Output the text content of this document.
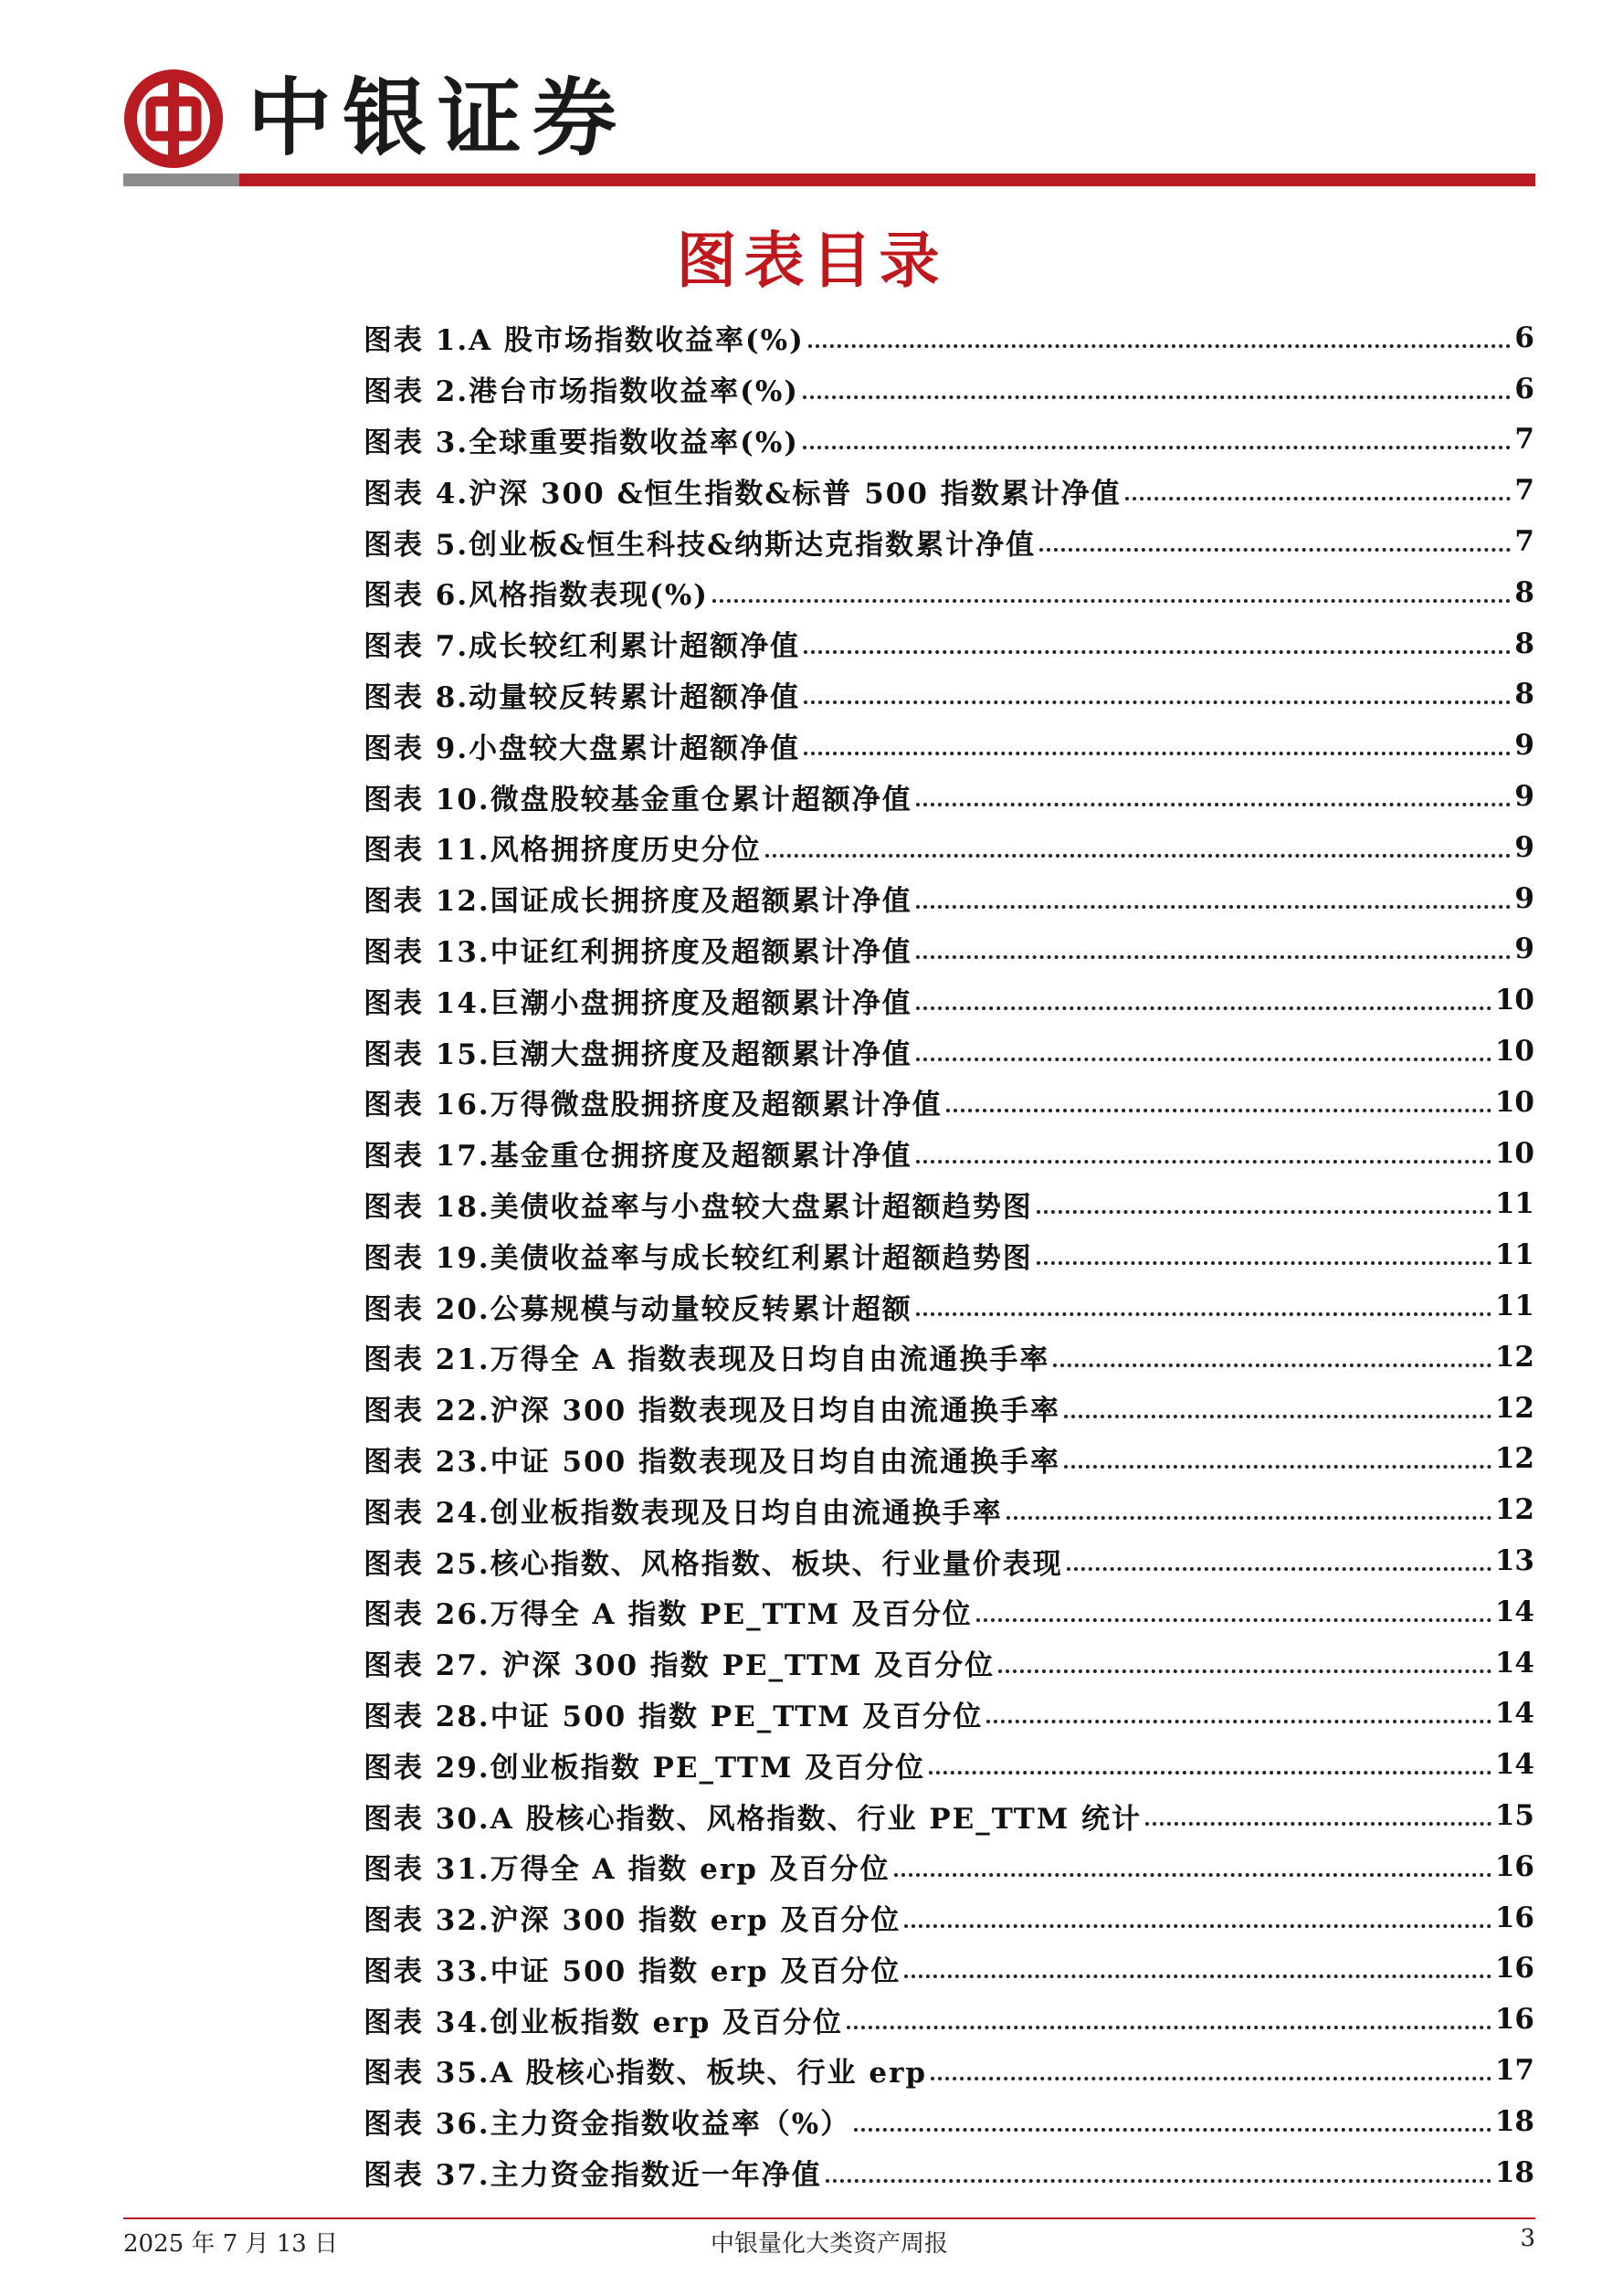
中银证券
图表目录
图表 1.A 股市场指数收益率(%)	6
图表 2.港台市场指数收益率(%)	6
图表 3.全球重要指数收益率(%)	7
图表 4.沪深 300 &恒生指数&标普 500 指数累计净值	7
图表 5.创业板&恒生科技&纳斯达克指数累计净值	7
图表 6.风格指数表现(%)	8
图表 7.成长较红利累计超额净值	8
图表 8.动量较反转累计超额净值	8
图表 9.小盘较大盘累计超额净值	9
图表 10.微盘股较基金重仓累计超额净值	9
图表 11.风格拥挤度历史分位	9
图表 12.国证成长拥挤度及超额累计净值	9
图表 13.中证红利拥挤度及超额累计净值	9
图表 14.巨潮小盘拥挤度及超额累计净值	10
图表 15.巨潮大盘拥挤度及超额累计净值	10
图表 16.万得微盘股拥挤度及超额累计净值	10
图表 17.基金重仓拥挤度及超额累计净值	10
图表 18.美债收益率与小盘较大盘累计超额趋势图	11
图表 19.美债收益率与成长较红利累计超额趋势图	11
图表 20.公募规模与动量较反转累计超额	11
图表 21.万得全 A 指数表现及日均自由流通换手率	12
图表 22.沪深 300 指数表现及日均自由流通换手率	12
图表 23.中证 500 指数表现及日均自由流通换手率	12
图表 24.创业板指数表现及日均自由流通换手率	12
图表 25.核心指数、风格指数、板块、行业量价表现	13
图表 26.万得全 A 指数 PE_TTM 及百分位	14
图表 27. 沪深 300 指数 PE_TTM 及百分位	14
图表 28.中证 500 指数 PE_TTM 及百分位	14
图表 29.创业板指数 PE_TTM 及百分位	14
图表 30.A 股核心指数、风格指数、行业 PE_TTM 统计	15
图表 31.万得全 A 指数 erp 及百分位	16
图表 32.沪深 300 指数 erp 及百分位	16
图表 33.中证 500 指数 erp 及百分位	16
图表 34.创业板指数 erp 及百分位	16
图表 35.A 股核心指数、板块、行业 erp	17
图表 36.主力资金指数收益率（%）	18
图表 37.主力资金指数近一年净值	18
2025 年 7 月 13 日	中银量化大类资产周报	3
